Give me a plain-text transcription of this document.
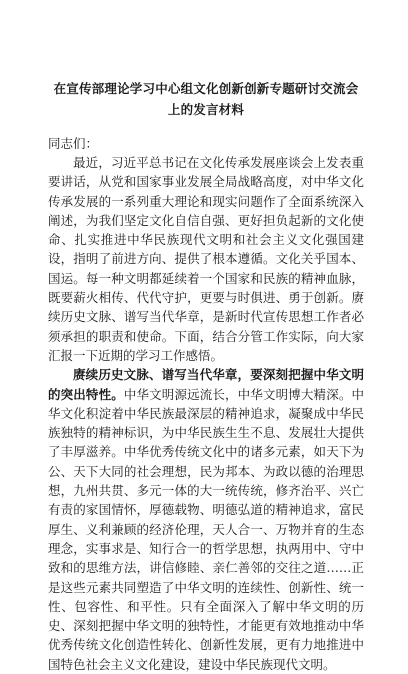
在宣传部理论学习中心组文化创新创新专题研讨交流会上的发言材料

同志们：

最近，习近平总书记在文化传承发展座谈会上发表重要讲话，从党和国家事业发展全局战略高度，对中华文化传承发展的一系列重大理论和现实问题作了全面系统深入阐述，为我们坚定文化自信自强、更好担负起新的文化使命、扎实推进中华民族现代文明和社会主义文化强国建设，指明了前进方向、提供了根本遵循。文化关乎国本、国运。每一种文明都延续着一个国家和民族的精神血脉，既要薪火相传、代代守护，更要与时俱进、勇于创新。赓续历史文脉、谱写当代华章，是新时代宣传思想工作者必须承担的职责和使命。下面，结合分管工作实际，向大家汇报一下近期的学习工作感悟。

赓续历史文脉、谱写当代华章，要深刻把握中华文明的突出特性。中华文明源远流长，中华文明博大精深。中华文化积淀着中华民族最深层的精神追求，凝聚成中华民族独特的精神标识，为中华民族生生不息、发展壮大提供了丰厚滋养。中华优秀传统文化中的诸多元素，如天下为公、天下大同的社会理想，民为邦本、为政以德的治理思想，九州共贯、多元一体的大一统传统，修齐治平、兴亡有责的家国情怀，厚德载物、明德弘道的精神追求，富民厚生、义利兼顾的经济伦理，天人合一、万物并育的生态理念，实事求是、知行合一的哲学思想，执两用中、守中致和的思维方法，讲信修睦、亲仁善邻的交往之道……正是这些元素共同塑造了中华文明的连续性、创新性、统一性、包容性、和平性。只有全面深入了解中华文明的历史、深刻把握中华文明的独特性，才能更有效地推动中华优秀传统文化创造性转化、创新性发展，更有力地推进中国特色社会主义文化建设，建设中华民族现代文明。
